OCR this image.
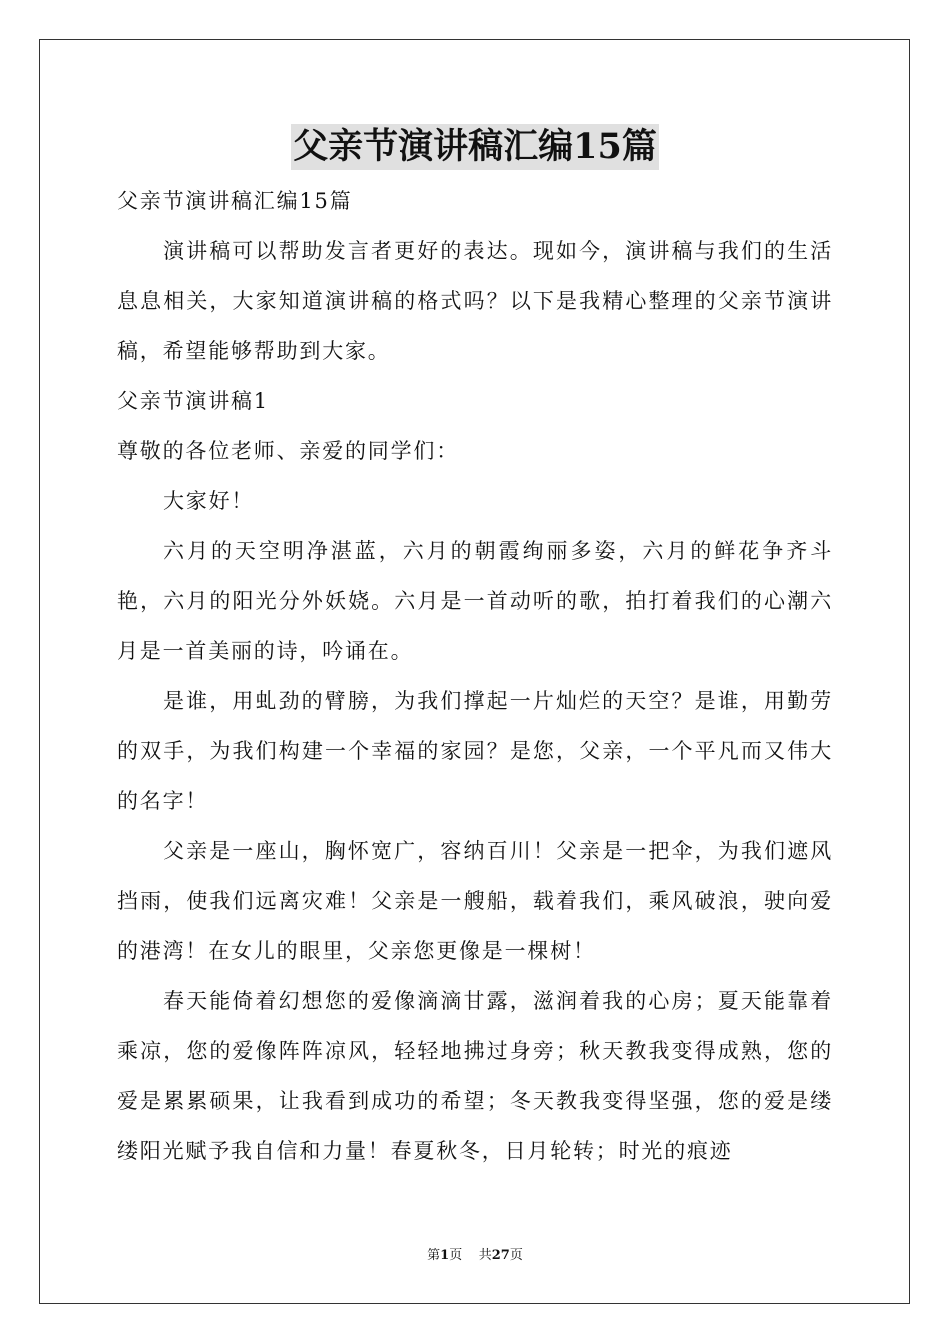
父亲节演讲稿汇编15篇
父亲节演讲稿汇编15篇

演讲稿可以帮助发言者更好的表达。现如今，演讲稿与我们的生活息息相关，大家知道演讲稿的格式吗？以下是我精心整理的父亲节演讲稿，希望能够帮助到大家。

父亲节演讲稿1
尊敬的各位老师、亲爱的同学们：

大家好！

六月的天空明净湛蓝，六月的朝霞绚丽多姿，六月的鲜花争齐斗艳，六月的阳光分外妖娆。六月是一首动听的歌，拍打着我们的心潮六月是一首美丽的诗，吟诵在。

是谁，用虬劲的臂膀，为我们撑起一片灿烂的天空？是谁，用勤劳的双手，为我们构建一个幸福的家园？是您，父亲，一个平凡而又伟大的名字！

父亲是一座山，胸怀宽广，容纳百川！父亲是一把伞，为我们遮风挡雨，使我们远离灾难！父亲是一艘船，载着我们，乘风破浪，驶向爱的港湾！在女儿的眼里，父亲您更像是一棵树！

春天能倚着幻想您的爱像滴滴甘露，滋润着我的心房；夏天能靠着乘凉，您的爱像阵阵凉风，轻轻地拂过身旁；秋天教我变得成熟，您的爱是累累硕果，让我看到成功的希望；冬天教我变得坚强，您的爱是缕缕阳光赋予我自信和力量！春夏秋冬，日月轮转；时光的痕迹

第1页 共27页
